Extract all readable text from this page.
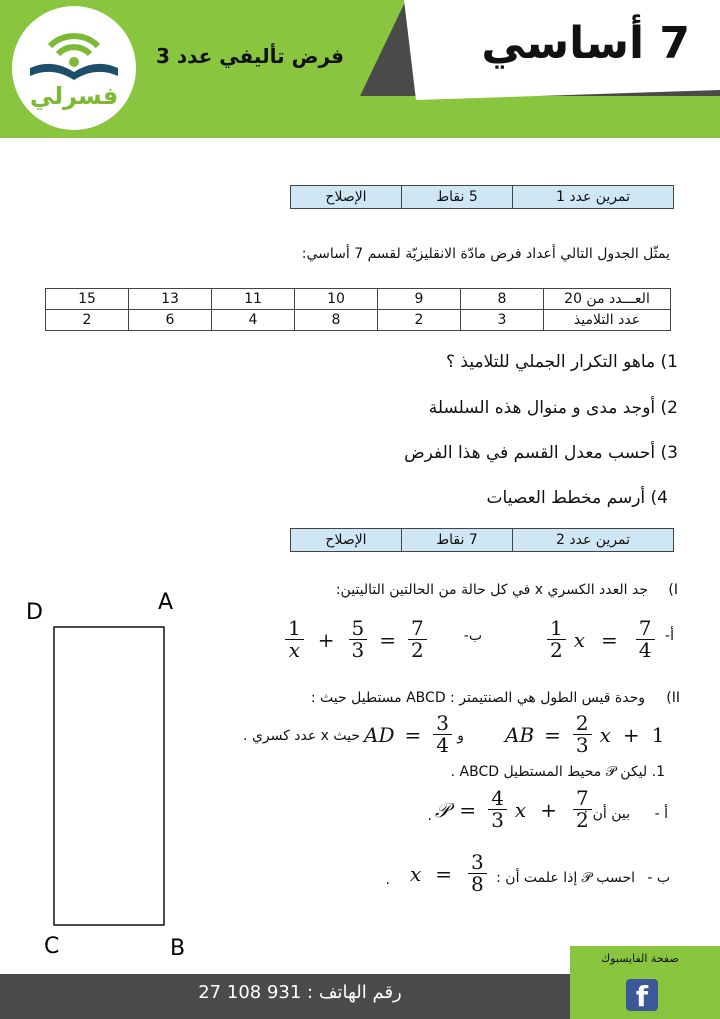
7 أساسي
فرض تأليفي عدد 3
فسرلي
تمرين عدد 1	5 نقاط	الإصلاح
يمثّل الجدول التالي أعداد فرض مادّة الانقليزيّة لقسم 7 أساسي:
العـــدد من 20	8	9	10	11	13	15
عدد التلاميذ	3	2	8	4	6	2
1) ماهو التكرار الجملي للتلاميذ ؟
2) أوجد مدى و منوال هذه السلسلة
3) أحسب معدل القسم في هذا الفرض
4) أرسم مخطط العصيات
تمرين عدد 2	7 نقاط	الإصلاح
جد العدد الكسري x في كل حالة من الحالتين التاليتين:	I)
$\frac{1}{2}$ $x = \frac{7}{4}$ أ-
$\frac{1}{x} + \frac{5}{3} = \frac{7}{2}$	ب-
وحدة قيس الطول هي الصنتيمتر : ABCD مستطيل حيث :	II)
AB = $\frac{2}{3}$ x + 1
و
AD = $\frac{3}{4}$
حيث x عدد كسري .
1. ليكن 𝒫 محيط المستطيل ABCD .
𝒫 = $\frac{4}{3}$ $x + \frac{7}{2}$
.	بين أن :	أ -
$x = \frac{3}{8}$
.	احسب 𝒫 إذا علمت أن : ب -
D	A
C	B
رقم الهاتف : 931 108 27
صفحة الفايسبوك
f
